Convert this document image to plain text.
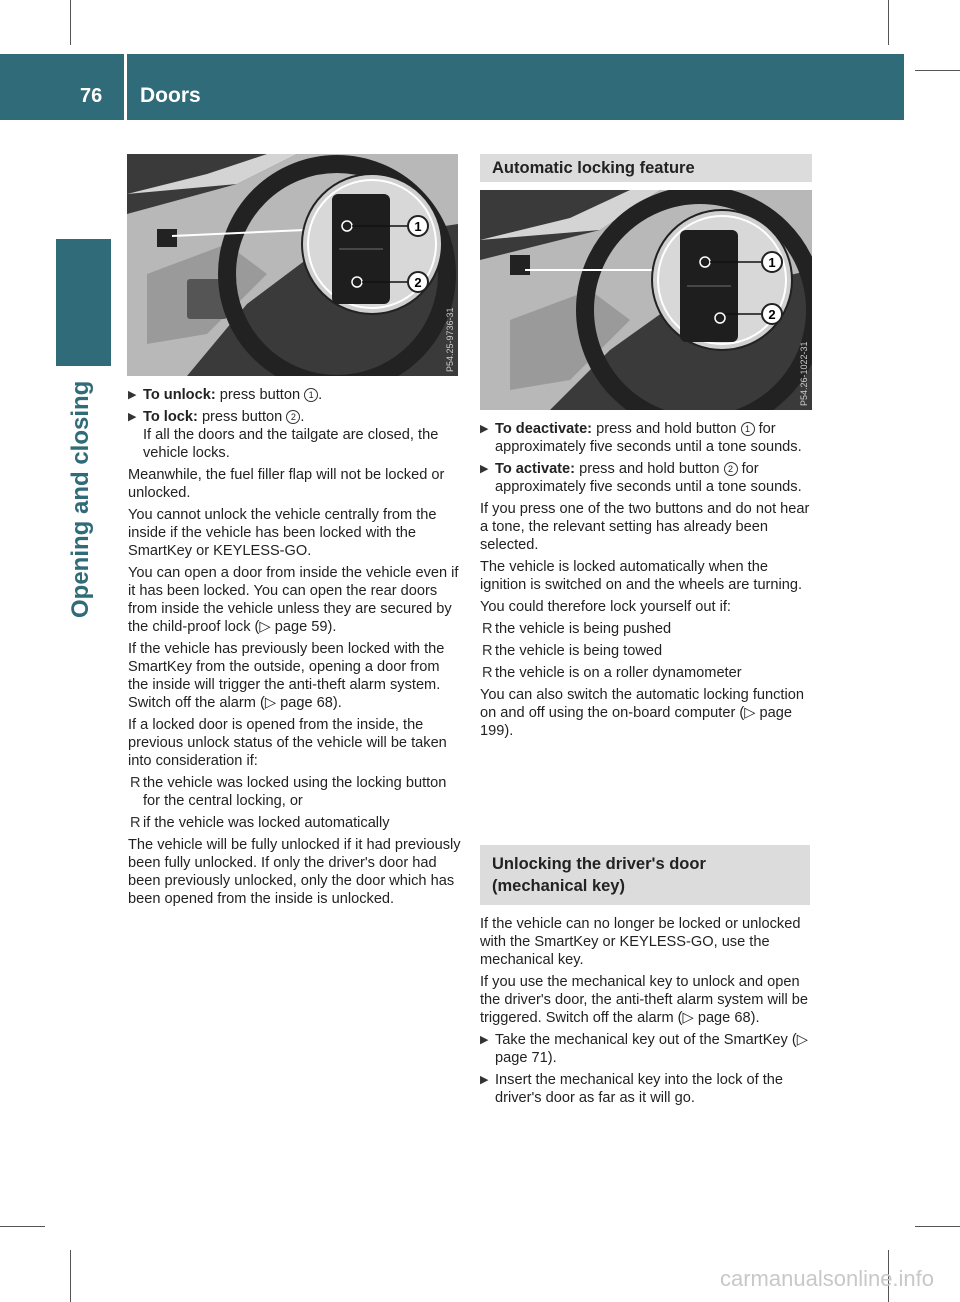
76 Doors
Opening and closing
1
2
P54.25-9736-31
▶ To unlock: press button 1 .
▶ To lock: press button 2 .
If all the doors and the tailgate are closed, the vehicle locks.

Meanwhile, the fuel filler flap will not be locked or unlocked.

You cannot unlock the vehicle centrally from the inside if the vehicle has been locked with the SmartKey or KEYLESS-GO.

You can open a door from inside the vehicle even if it has been locked. You can open the rear doors from inside the vehicle unless they are secured by the child-proof lock (▷ page 59).

If the vehicle has previously been locked with the SmartKey from the outside, opening a door from the inside will trigger the anti-theft alarm system. Switch off the alarm (▷ page 68).

If a locked door is opened from the inside, the previous unlock status of the vehicle will be taken into consideration if:

R the vehicle was locked using the locking button for the central locking, or
R if the vehicle was locked automatically

The vehicle will be fully unlocked if it had previously been fully unlocked. If only the driver's door had been previously unlocked, only the door which has been opened from the inside is unlocked.

Automatic locking feature
1
2
P54.26-1022-31
▶ To deactivate: press and hold button 1 for approximately five seconds until a tone sounds.
▶ To activate: press and hold button 2 for approximately five seconds until a tone sounds.

If you press one of the two buttons and do not hear a tone, the relevant setting has already been selected.

The vehicle is locked automatically when the ignition is switched on and the wheels are turning.

You could therefore lock yourself out if:

R the vehicle is being pushed
R the vehicle is being towed
R the vehicle is on a roller dynamometer

You can also switch the automatic locking function on and off using the on-board computer (▷ page 199).

Unlocking the driver's door (mechanical key)

If the vehicle can no longer be locked or unlocked with the SmartKey or KEYLESS-GO, use the mechanical key.

If you use the mechanical key to unlock and open the driver's door, the anti-theft alarm system will be triggered. Switch off the alarm (▷ page 68).

▶ Take the mechanical key out of the SmartKey (▷ page 71).
▶ Insert the mechanical key into the lock of the driver's door as far as it will go.
carmanualsonline.info
